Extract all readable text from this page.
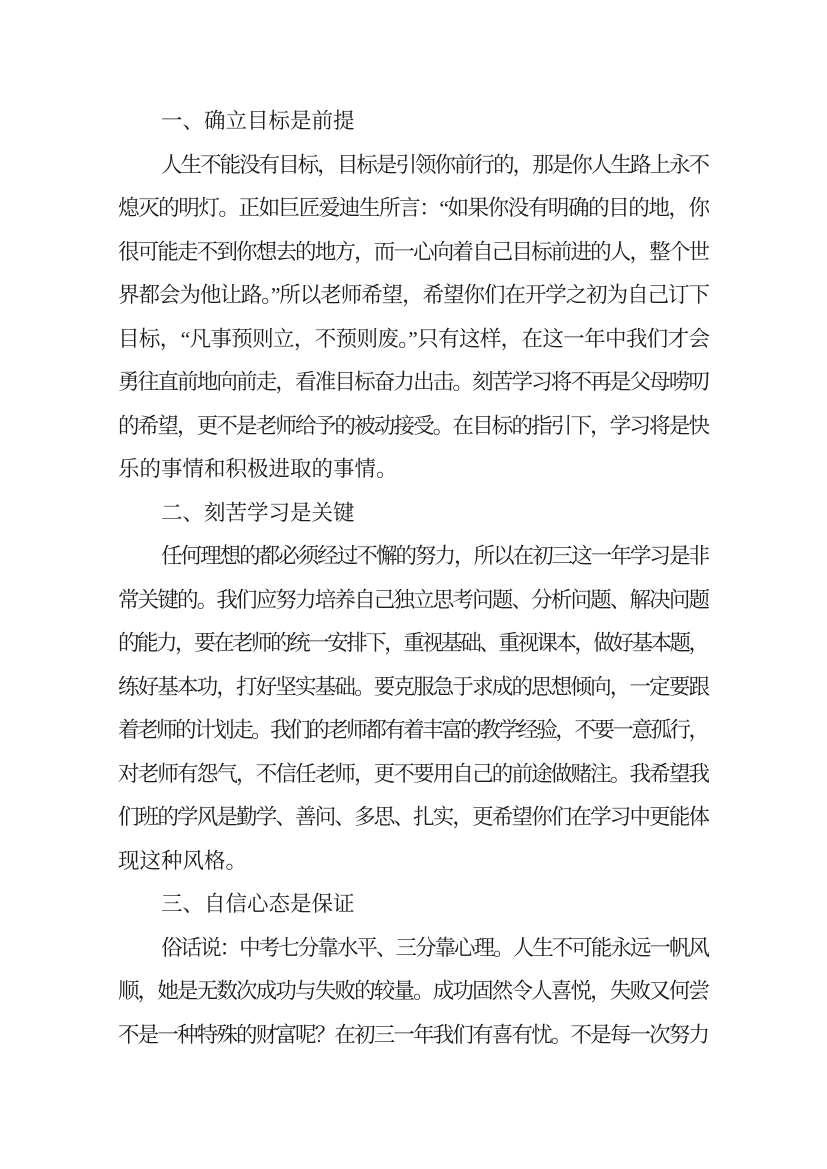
一、确立目标是前提
人生不能没有目标，目标是引领你前行的，那是你人生路上永不
熄灭的明灯。正如巨匠爱迪生所言：“如果你没有明确的目的地，你
很可能走不到你想去的地方，而一心向着自己目标前进的人，整个世
界都会为他让路。”所以老师希望，希望你们在开学之初为自己订下
目标，“凡事预则立，不预则废。”只有这样，在这一年中我们才会
勇往直前地向前走，看准目标奋力出击。刻苦学习将不再是父母唠叨
的希望，更不是老师给予的被动接受。在目标的指引下，学习将是快
乐的事情和积极进取的事情。
二、刻苦学习是关键
任何理想的都必须经过不懈的努力，所以在初三这一年学习是非
常关键的。我们应努力培养自己独立思考问题、分析问题、解决问题
的能力，要在老师的统一安排下，重视基础、重视课本，做好基本题，
练好基本功，打好坚实基础。要克服急于求成的思想倾向，一定要跟
着老师的计划走。我们的老师都有着丰富的教学经验，不要一意孤行，
对老师有怨气，不信任老师，更不要用自己的前途做赌注。我希望我
们班的学风是勤学、善问、多思、扎实，更希望你们在学习中更能体
现这种风格。
三、自信心态是保证
俗话说：中考七分靠水平、三分靠心理。人生不可能永远一帆风
顺，她是无数次成功与失败的较量。成功固然令人喜悦，失败又何尝
不是一种特殊的财富呢？在初三一年我们有喜有忧。不是每一次努力
